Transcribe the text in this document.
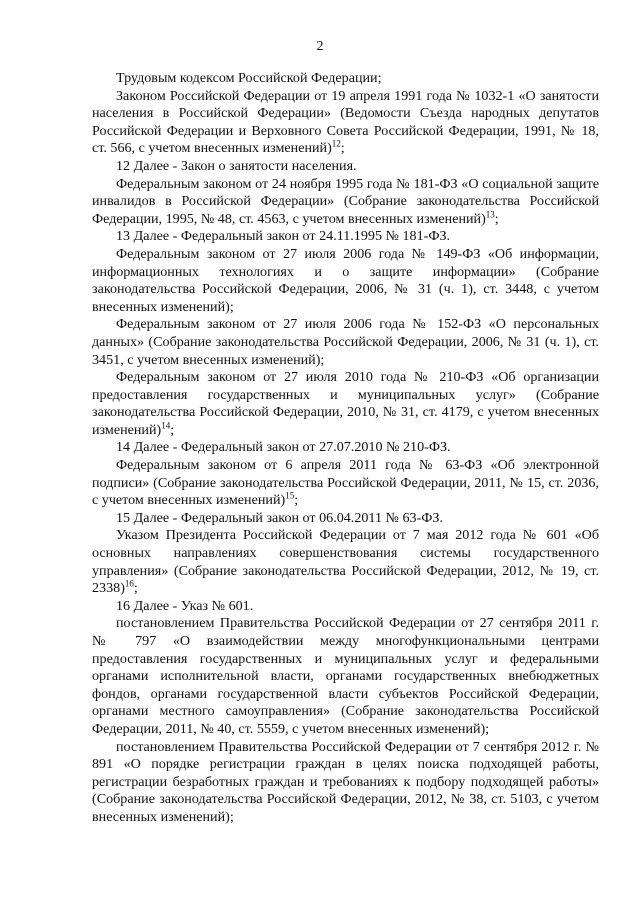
2

Трудовым кодексом Российской Федерации;

Законом Российской Федерации от 19 апреля 1991 года № 1032-1 «О занятости населения в Российской Федерации» (Ведомости Съезда народных депутатов Российской Федерации и Верховного Совета Российской Федерации, 1991, № 18, ст. 566, с учетом внесенных изменений)$^{12}$;

12 Далее - Закон о занятости населения.

Федеральным законом от 24 ноября 1995 года № 181-ФЗ «О социальной защите инвалидов в Российской Федерации» (Собрание законодательства Российской Федерации, 1995, № 48, ст. 4563, с учетом внесенных изменений)$^{13}$;

13 Далее - Федеральный закон от 24.11.1995 № 181-ФЗ.

Федеральным законом от 27 июля 2006 года № 149-ФЗ «Об информации, информационных технологиях и о защите информации» (Собрание законодательства Российской Федерации, 2006, № 31 (ч. 1), ст. 3448, с учетом внесенных изменений);

Федеральным законом от 27 июля 2006 года № 152-ФЗ «О персональных данных» (Собрание законодательства Российской Федерации, 2006, № 31 (ч. 1), ст. 3451, с учетом внесенных изменений);

Федеральным законом от 27 июля 2010 года № 210-ФЗ «Об организации предоставления государственных и муниципальных услуг» (Собрание законодательства Российской Федерации, 2010, № 31, ст. 4179, с учетом внесенных изменений)$^{14}$;

14 Далее - Федеральный закон от 27.07.2010 № 210-ФЗ.

Федеральным законом от 6 апреля 2011 года № 63-ФЗ «Об электронной подписи» (Собрание законодательства Российской Федерации, 2011, № 15, ст. 2036, с учетом внесенных изменений)$^{15}$;

15 Далее - Федеральный закон от 06.04.2011 № 63-ФЗ.

Указом Президента Российской Федерации от 7 мая 2012 года № 601 «Об основных направлениях совершенствования системы государственного управления» (Собрание законодательства Российской Федерации, 2012, № 19, ст. 2338)$^{16}$;

16 Далее - Указ № 601.

постановлением Правительства Российской Федерации от 27 сентября 2011 г. № 797 «О взаимодействии между многофункциональными центрами предоставления государственных и муниципальных услуг и федеральными органами исполнительной власти, органами государственных внебюджетных фондов, органами государственной власти субъектов Российской Федерации, органами местного самоуправления» (Собрание законодательства Российской Федерации, 2011, № 40, ст. 5559, с учетом внесенных изменений);

постановлением Правительства Российской Федерации от 7 сентября 2012 г. № 891 «О порядке регистрации граждан в целях поиска подходящей работы, регистрации безработных граждан и требованиях к подбору подходящей работы» (Собрание законодательства Российской Федерации, 2012, № 38, ст. 5103, с учетом внесенных изменений);
